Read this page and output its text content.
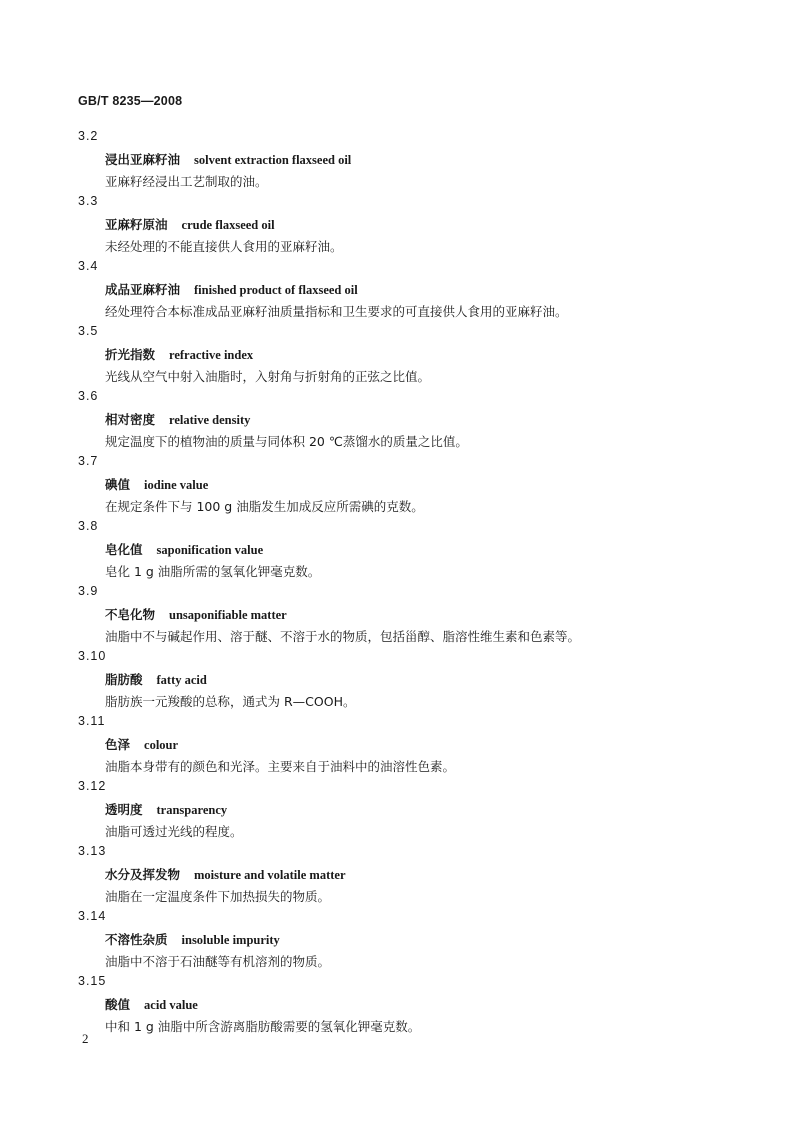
GB/T 8235—2008
3.2
浸出亚麻籽油 solvent extraction flaxseed oil
亚麻籽经浸出工艺制取的油。
3.3
亚麻籽原油 crude flaxseed oil
未经处理的不能直接供人食用的亚麻籽油。
3.4
成品亚麻籽油 finished product of flaxseed oil
经处理符合本标准成品亚麻籽油质量指标和卫生要求的可直接供人食用的亚麻籽油。
3.5
折光指数 refractive index
光线从空气中射入油脂时，入射角与折射角的正弦之比值。
3.6
相对密度 relative density
规定温度下的植物油的质量与同体积 20 ℃蒸馏水的质量之比值。
3.7
碘值 iodine value
在规定条件下与 100 g 油脂发生加成反应所需碘的克数。
3.8
皂化值 saponification value
皂化 1 g 油脂所需的氢氧化钾毫克数。
3.9
不皂化物 unsaponifiable matter
油脂中不与碱起作用、溶于醚、不溶于水的物质，包括甾醇、脂溶性维生素和色素等。
3.10
脂肪酸 fatty acid
脂肪族一元羧酸的总称，通式为 R—COOH。
3.11
色泽 colour
油脂本身带有的颜色和光泽。主要来自于油料中的油溶性色素。
3.12
透明度 transparency
油脂可透过光线的程度。
3.13
水分及挥发物 moisture and volatile matter
油脂在一定温度条件下加热损失的物质。
3.14
不溶性杂质 insoluble impurity
油脂中不溶于石油醚等有机溶剂的物质。
3.15
酸值 acid value
中和 1 g 油脂中所含游离脂肪酸需要的氢氧化钾毫克数。
2
